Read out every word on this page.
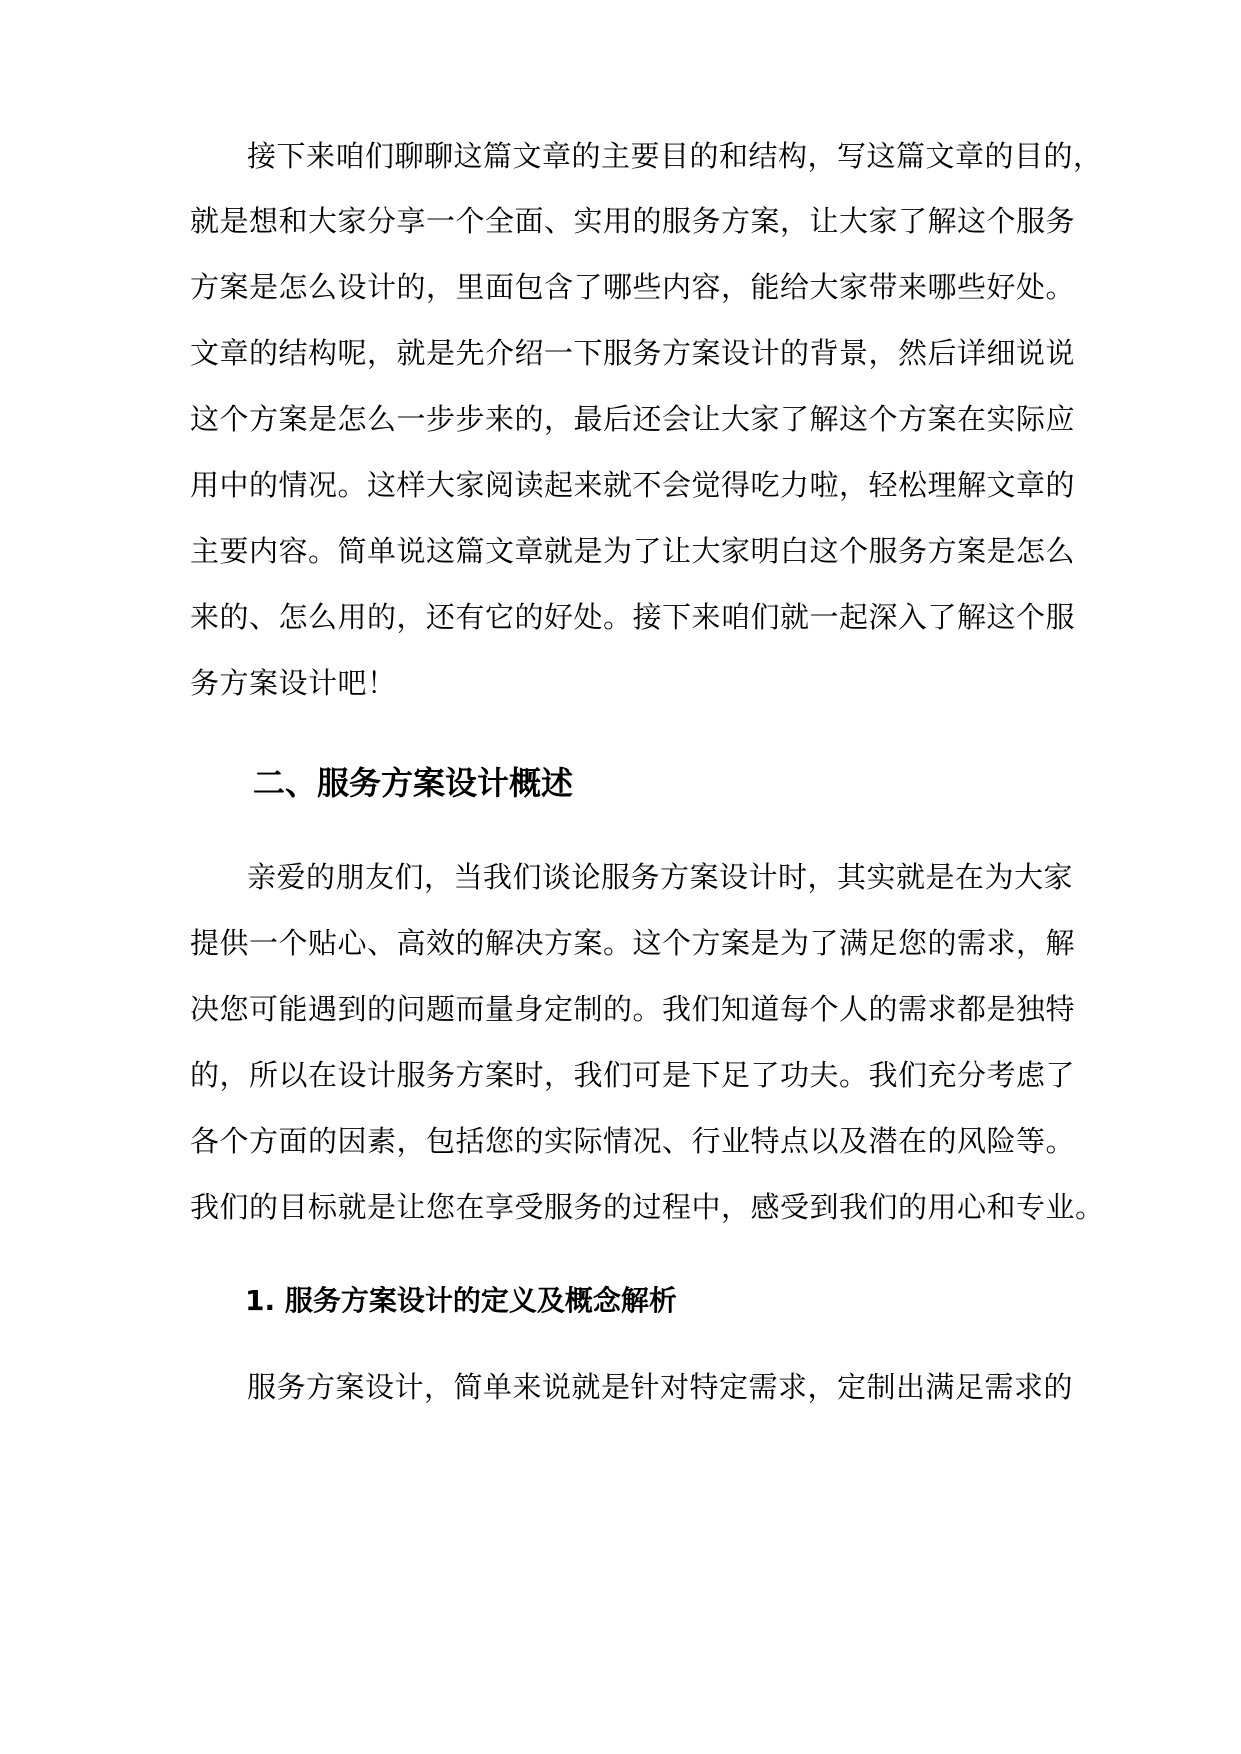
接下来咱们聊聊这篇文章的主要目的和结构，写这篇文章的目的，
就是想和大家分享一个全面、实用的服务方案，让大家了解这个服务
方案是怎么设计的，里面包含了哪些内容，能给大家带来哪些好处。
文章的结构呢，就是先介绍一下服务方案设计的背景，然后详细说说
这个方案是怎么一步步来的，最后还会让大家了解这个方案在实际应
用中的情况。这样大家阅读起来就不会觉得吃力啦，轻松理解文章的
主要内容。简单说这篇文章就是为了让大家明白这个服务方案是怎么
来的、怎么用的，还有它的好处。接下来咱们就一起深入了解这个服
务方案设计吧！
二、服务方案设计概述
亲爱的朋友们，当我们谈论服务方案设计时，其实就是在为大家
提供一个贴心、高效的解决方案。这个方案是为了满足您的需求，解
决您可能遇到的问题而量身定制的。我们知道每个人的需求都是独特
的，所以在设计服务方案时，我们可是下足了功夫。我们充分考虑了
各个方面的因素，包括您的实际情况、行业特点以及潜在的风险等。
我们的目标就是让您在享受服务的过程中，感受到我们的用心和专业。
1. 服务方案设计的定义及概念解析
服务方案设计，简单来说就是针对特定需求，定制出满足需求的
